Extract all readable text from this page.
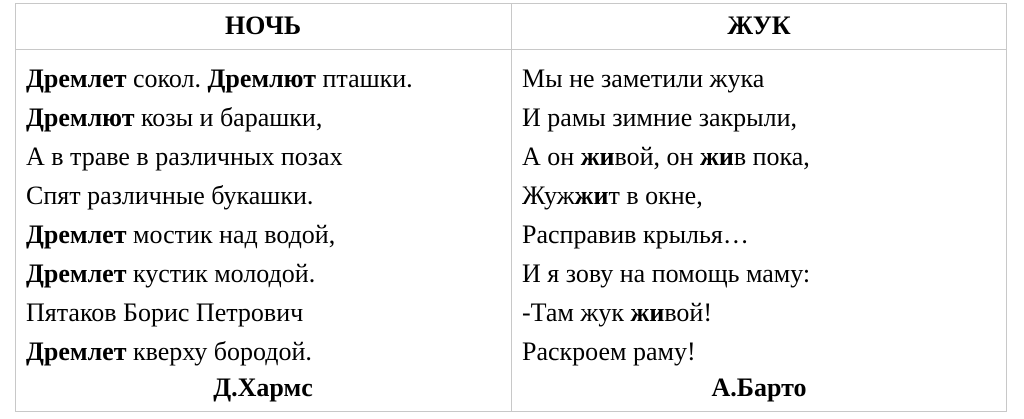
НОЧЬ	ЖУК
Дремлет сокол. Дремлют пташки.
Дремлют козы и барашки,
А в траве в различных позах
Спят различные букашки.
Дремлет мостик над водой,
Дремлет кустик молодой.
Пятаков Борис Петрович
Дремлет кверху бородой.
Мы не заметили жука
И рамы зимние закрыли,
А он живой, он жив пока,
Жужжит в окне,
Расправив крылья…
И я зову на помощь маму:
-Там жук живой!
Раскроем раму!
Д.Хармс	А.Барто
